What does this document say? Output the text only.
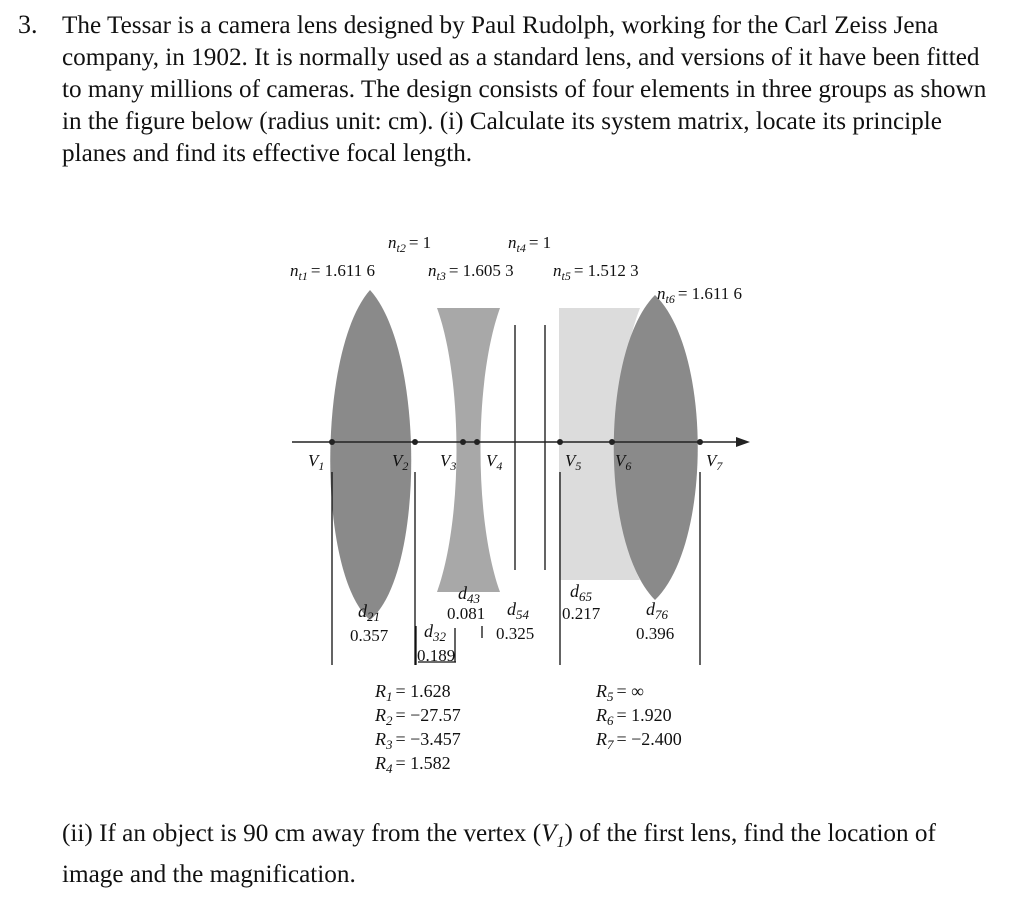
3. The Tessar is a camera lens designed by Paul Rudolph, working for the Carl Zeiss Jena company, in 1902. It is normally used as a standard lens, and versions of it have been fitted to many millions of cameras. The design consists of four elements in three groups as shown in the figure below (radius unit: cm). (i) Calculate its system matrix, locate its principle planes and find its effective focal length.
(ii) If an object is 90 cm away from the vertex $(V_1)$ of the first lens, find the location of image and the magnification.
$n_{t2} = 1$	$n_{t4} = 1$
$n_{t1} = 1.611$ 6	$n_{t3} = 1.605$ 3 $n_{t5} = 1.512$ 3
$n_{t6} = 1.611$ 6
$V_1$	$V_2$ $V_3$ $V_4$	$V_5$ $V_6$	$V_7$
$d_{21}$
0.357 $d_{32}$
0.189
$d_{43}$
0.081 $d_{54}$
0.325
$d_{65}$
0.217	$d_{76}$
0.396
$R_1 = 1.628$
$R_2 = -27.57$
$R_3 = -3.457$
$R_4 = 1.582$
$R_5$ = ∞
$R_6 = 1.920$
$R_7 = -2.400$
